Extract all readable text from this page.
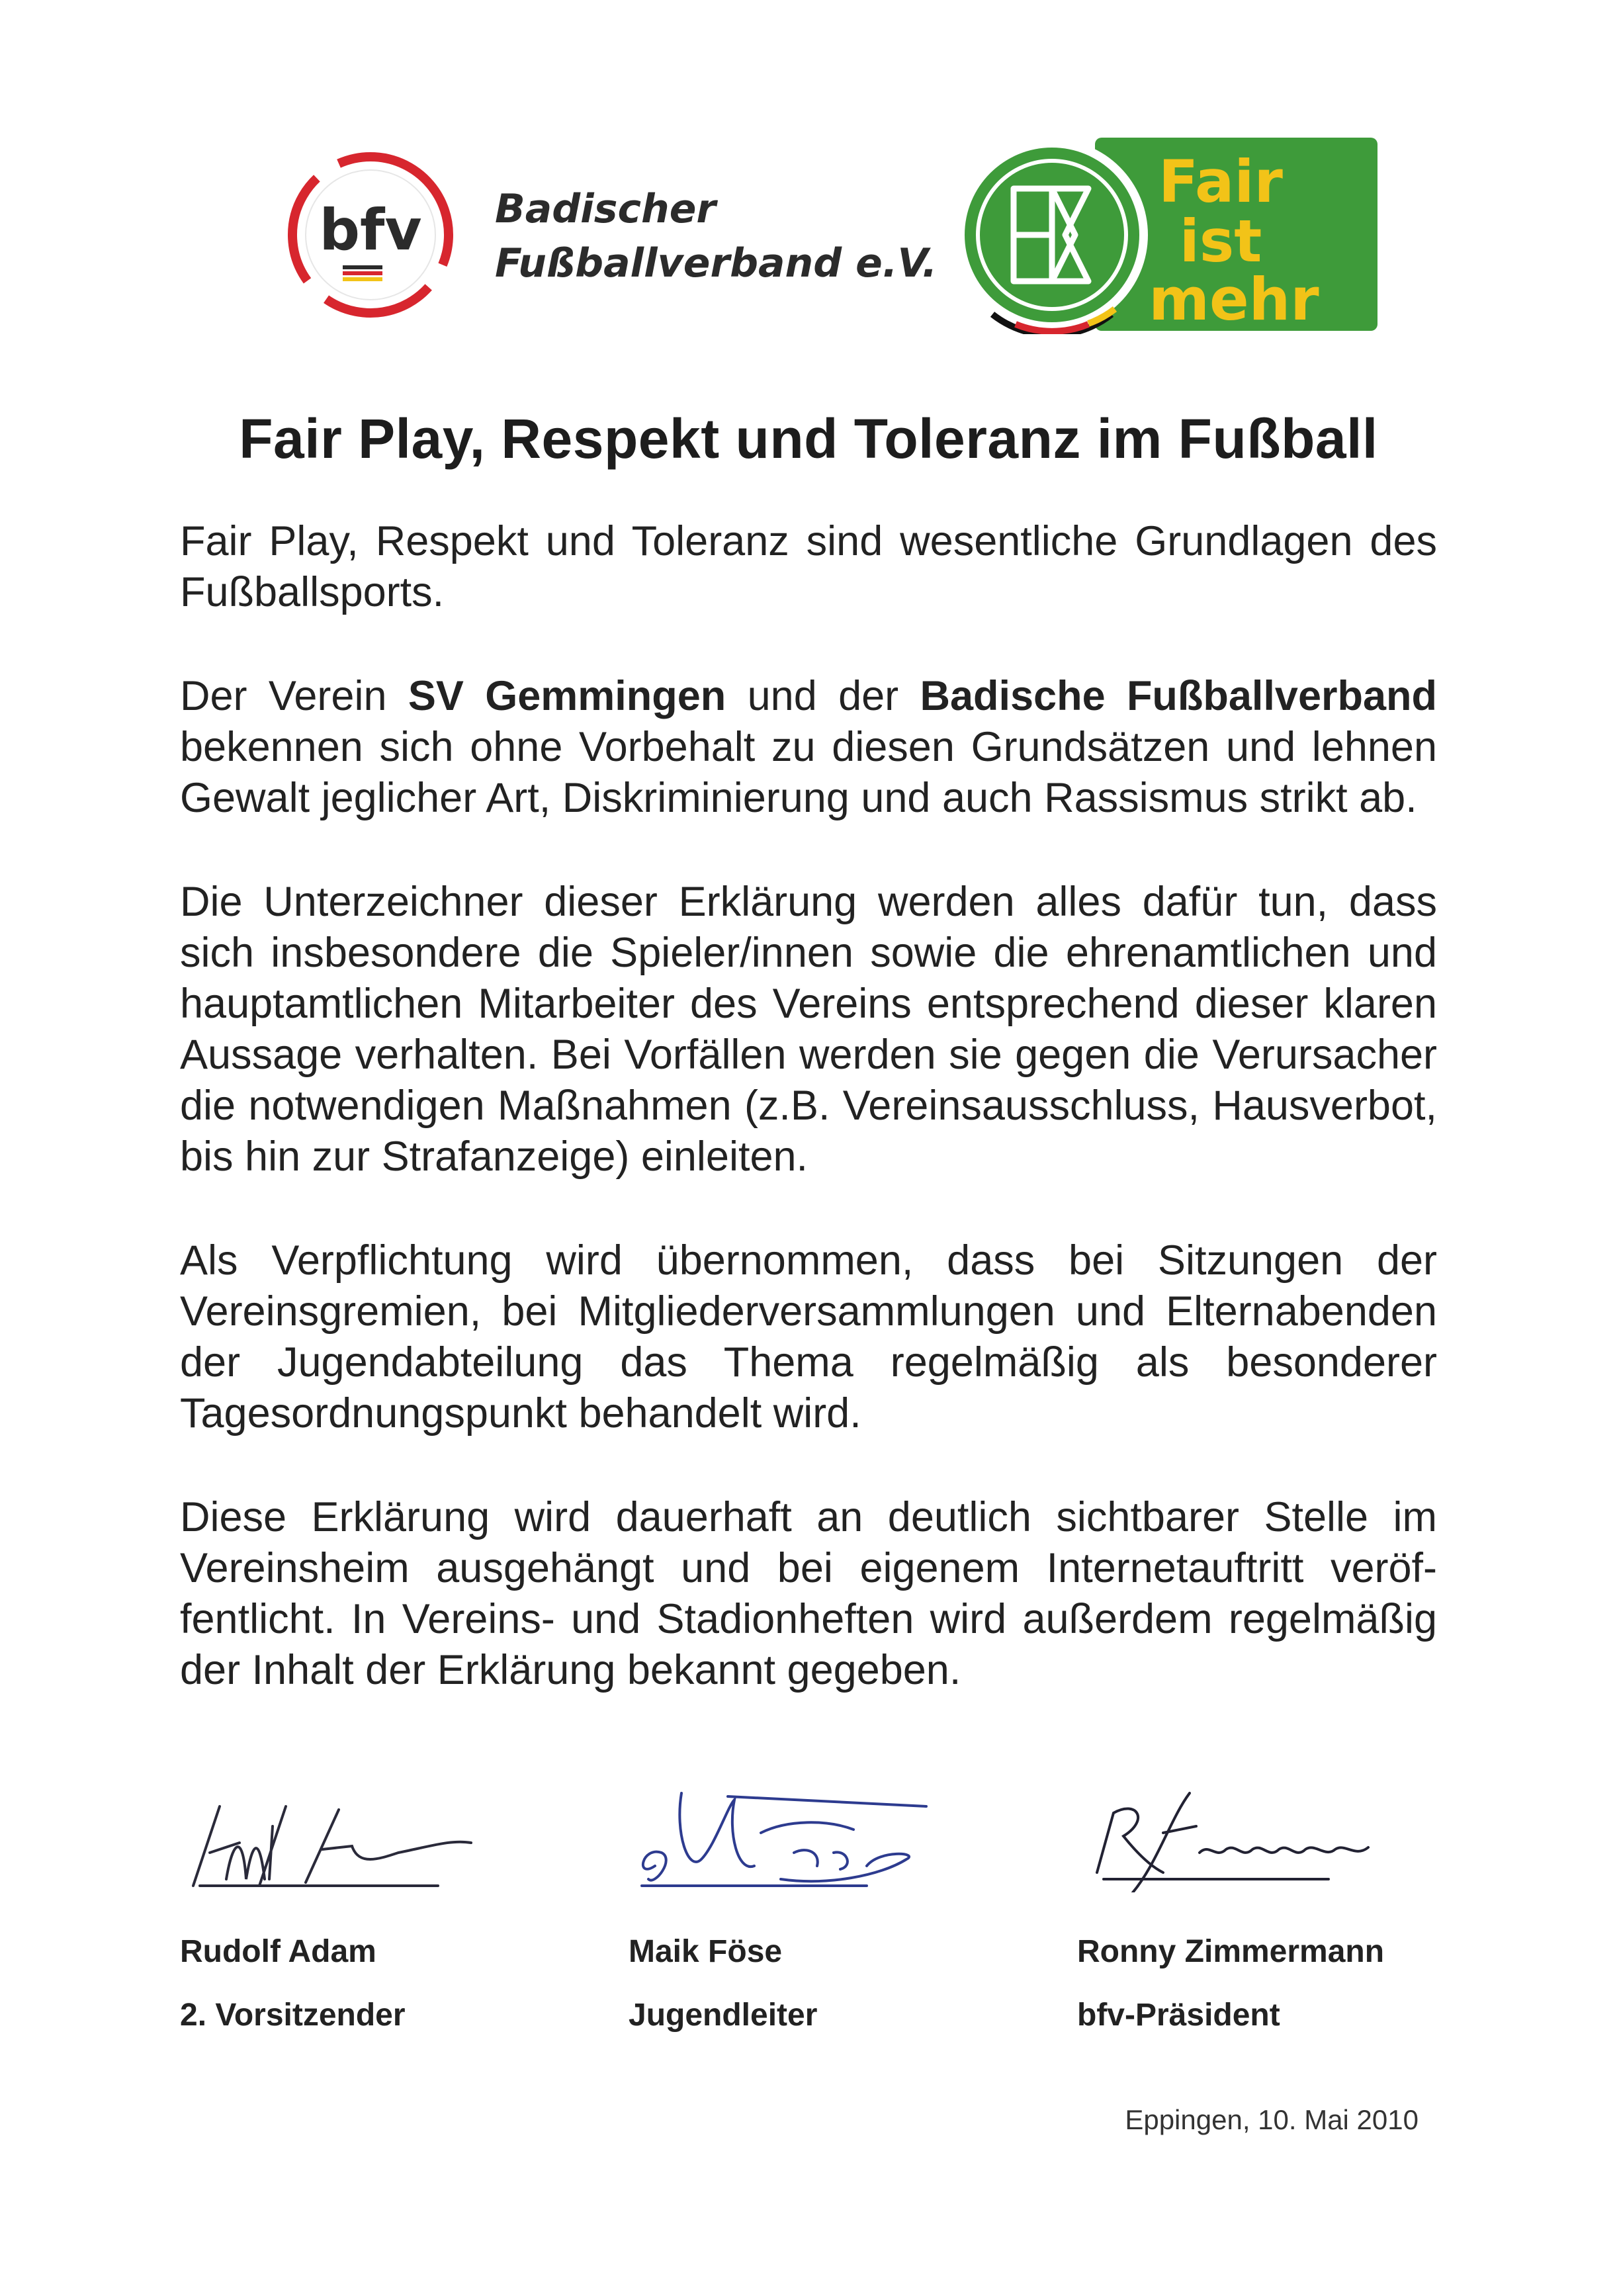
bfv Badischer
Fußballverband e.V.
Fair
ist
mehr
Fair Play, Respekt und Toleranz im Fußball

Fair Play, Respekt und Toleranz sind wesentliche Grundlagen des Fußballsports.

Der Verein SV Gemmingen und der Badische Fußballverband bekennen sich ohne Vorbehalt zu diesen Grundsätzen und lehnen Gewalt jeglicher Art, Diskriminierung und auch Rassismus strikt ab.

Die Unterzeichner dieser Erklärung werden alles dafür tun, dass sich insbesondere die Spieler/innen sowie die ehrenamtlichen und hauptamtlichen Mitarbeiter des Vereins entsprechend dieser klaren Aussage verhalten. Bei Vorfällen werden sie gegen die Verursacher die notwendigen Maßnahmen (z.B. Vereinsausschluss, Hausverbot, bis hin zur Strafanzeige) einleiten.

Als Verpflichtung wird übernommen, dass bei Sitzungen der Vereinsgremien, bei Mitgliederversammlungen und Elternabenden der Jugendabteilung das Thema regelmäßig als besonderer Tagesordnungspunkt behandelt wird.

Diese Erklärung wird dauerhaft an deutlich sichtbarer Stelle im Vereinsheim ausgehängt und bei eigenem Internetauftritt veröffentlicht. In Vereins- und Stadionheften wird außerdem regelmäßig der Inhalt der Erklärung bekannt gegeben.

Rudolf Adam
2. Vorsitzender
Maik Föse
Jugendleiter
Ronny Zimmermann
bfv-Präsident
Eppingen, 10. Mai 2010
